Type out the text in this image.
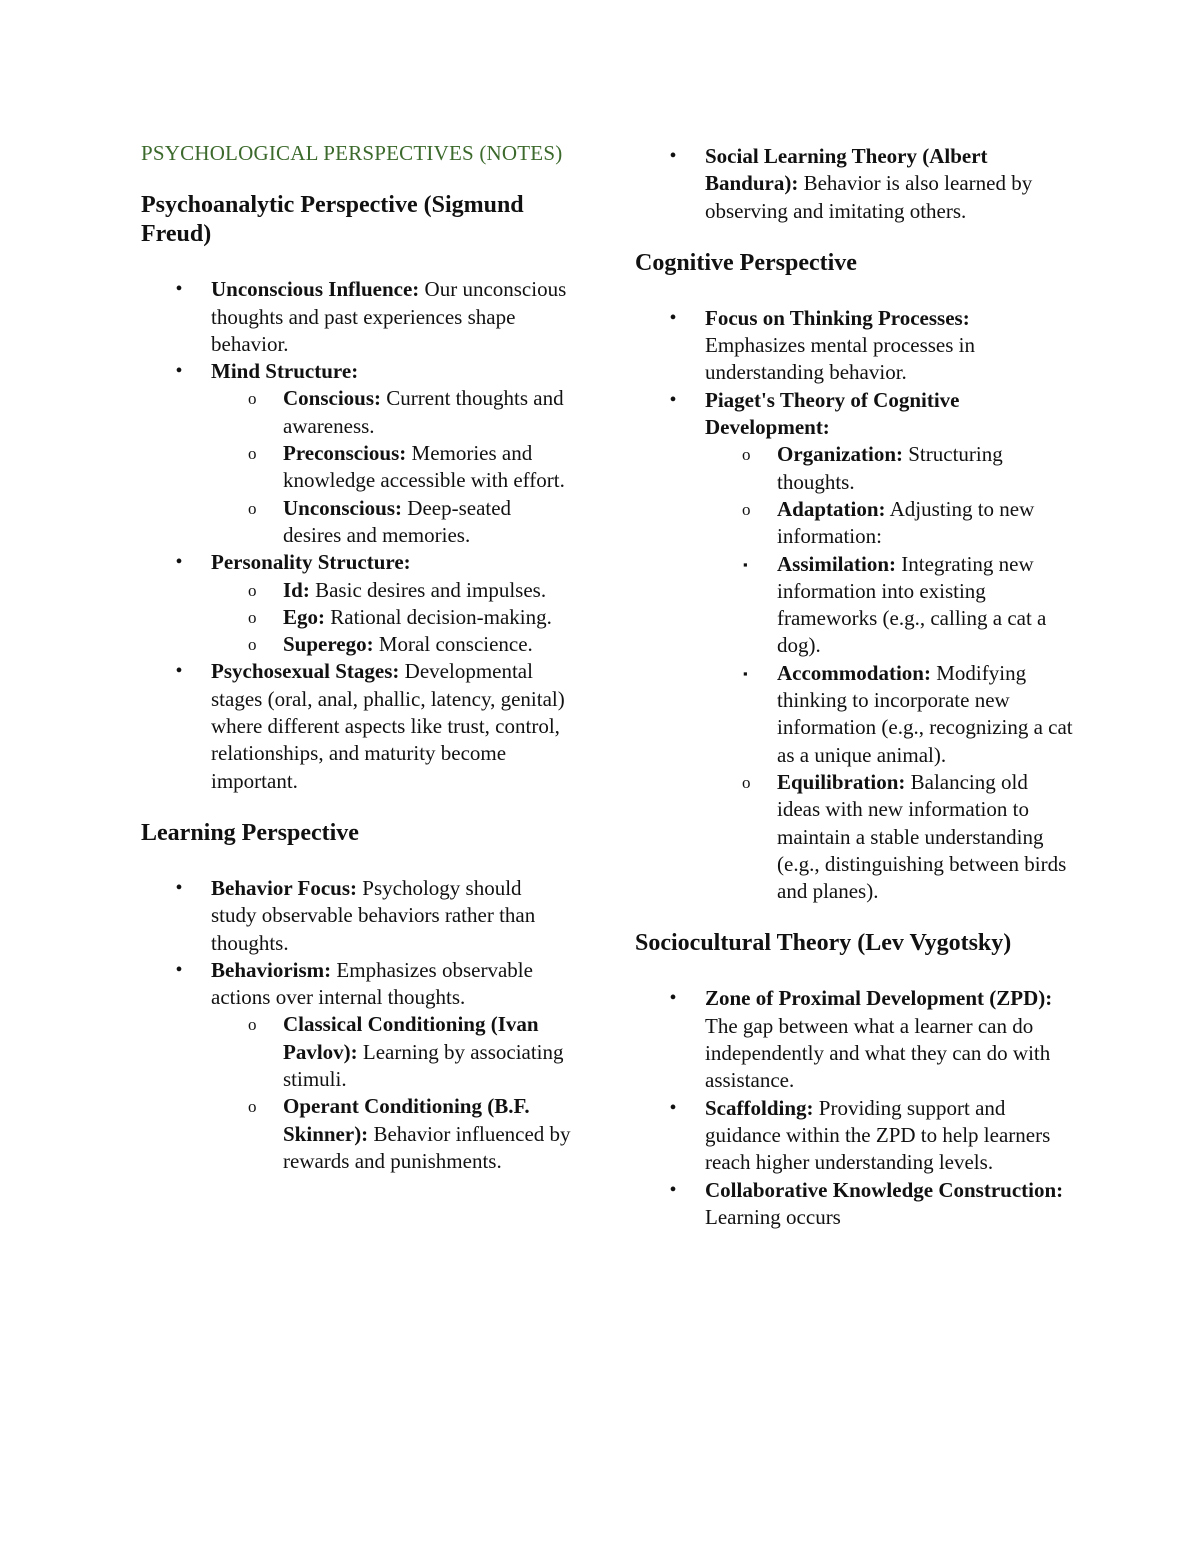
PSYCHOLOGICAL PERSPECTIVES (NOTES)

Psychoanalytic Perspective (Sigmund Freud)
• Unconscious Influence: Our unconscious thoughts and past experiences shape behavior.
• Mind Structure:
o Conscious: Current thoughts and awareness.
o Preconscious: Memories and knowledge accessible with effort.
o Unconscious: Deep-seated desires and memories.
• Personality Structure:
o Id: Basic desires and impulses.
o Ego: Rational decision-making.
o Superego: Moral conscience.
• Psychosexual Stages: Developmental stages (oral, anal, phallic, latency, genital) where different aspects like trust, control, relationships, and maturity become important.
Learning Perspective
• Behavior Focus: Psychology should study observable behaviors rather than thoughts.
• Behaviorism: Emphasizes observable actions over internal thoughts.
o Classical Conditioning (Ivan Pavlov): Learning by associating stimuli.
o Operant Conditioning (B.F. Skinner): Behavior influenced by rewards and punishments.
• Social Learning Theory (Albert Bandura): Behavior is also learned by observing and imitating others.
Cognitive Perspective
• Focus on Thinking Processes: Emphasizes mental processes in understanding behavior.
• Piaget's Theory of Cognitive Development:
o Organization: Structuring thoughts.
o Adaptation: Adjusting to new information:
▪ Assimilation: Integrating new information into existing frameworks (e.g., calling a cat a dog).
▪ Accommodation: Modifying thinking to incorporate new information (e.g., recognizing a cat as a unique animal).
o Equilibration: Balancing old ideas with new information to maintain a stable understanding (e.g., distinguishing between birds and planes).
Sociocultural Theory (Lev Vygotsky)
• Zone of Proximal Development (ZPD): The gap between what a learner can do independently and what they can do with assistance.
• Scaffolding: Providing support and guidance within the ZPD to help learners reach higher understanding levels.
• Collaborative Knowledge Construction: Learning occurs
